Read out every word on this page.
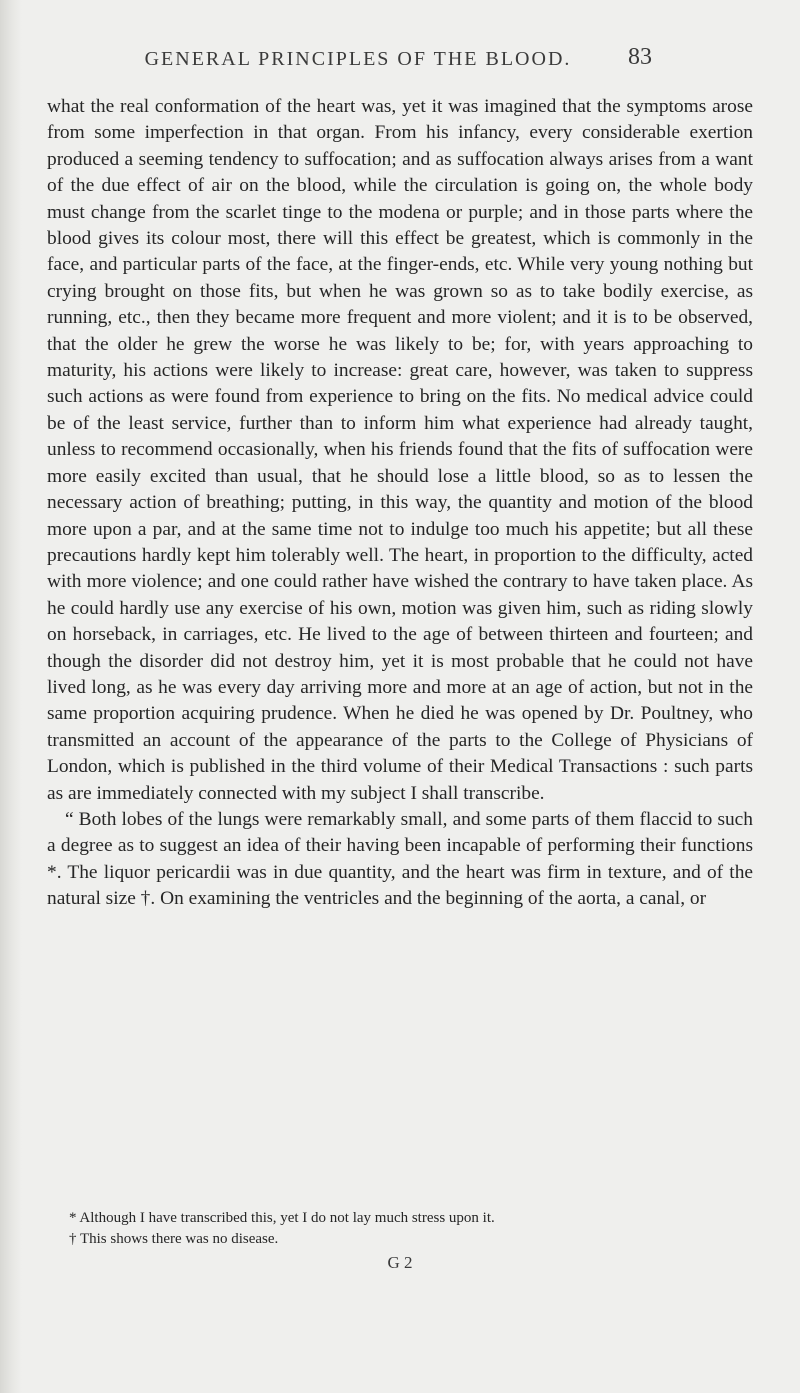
GENERAL PRINCIPLES OF THE BLOOD.	83

what the real conformation of the heart was, yet it was imagined that the symptoms arose from some imperfection in that organ. From his infancy, every considerable exertion produced a seeming tendency to suffocation; and as suffocation always arises from a want of the due effect of air on the blood, while the circulation is going on, the whole body must change from the scarlet tinge to the modena or purple; and in those parts where the blood gives its colour most, there will this effect be greatest, which is commonly in the face, and particular parts of the face, at the finger-ends, etc. While very young nothing but crying brought on those fits, but when he was grown so as to take bodily exercise, as running, etc., then they became more frequent and more violent; and it is to be observed, that the older he grew the worse he was likely to be; for, with years approaching to maturity, his actions were likely to increase: great care, however, was taken to suppress such actions as were found from experience to bring on the fits. No medical advice could be of the least service, further than to inform him what experience had already taught, unless to recommend occasionally, when his friends found that the fits of suffocation were more easily excited than usual, that he should lose a little blood, so as to lessen the necessary action of breathing; putting, in this way, the quantity and motion of the blood more upon a par, and at the same time not to indulge too much his appetite; but all these precautions hardly kept him tolerably well. The heart, in proportion to the difficulty, acted with more violence; and one could rather have wished the contrary to have taken place. As he could hardly use any exercise of his own, motion was given him, such as riding slowly on horseback, in carriages, etc. He lived to the age of between thirteen and fourteen; and though the disorder did not destroy him, yet it is most probable that he could not have lived long, as he was every day arriving more and more at an age of action, but not in the same proportion acquiring prudence. When he died he was opened by Dr. Poultney, who transmitted an account of the appearance of the parts to the College of Physicians of London, which is published in the third volume of their Medical Transactions : such parts as are immediately connected with my subject I shall transcribe.

“ Both lobes of the lungs were remarkably small, and some parts of them flaccid to such a degree as to suggest an idea of their having been incapable of performing their functions *. The liquor pericardii was in due quantity, and the heart was firm in texture, and of the natural size †. On examining the ventricles and the beginning of the aorta, a canal, or

* Although I have transcribed this, yet I do not lay much stress upon it.

† This shows there was no disease.

G 2
